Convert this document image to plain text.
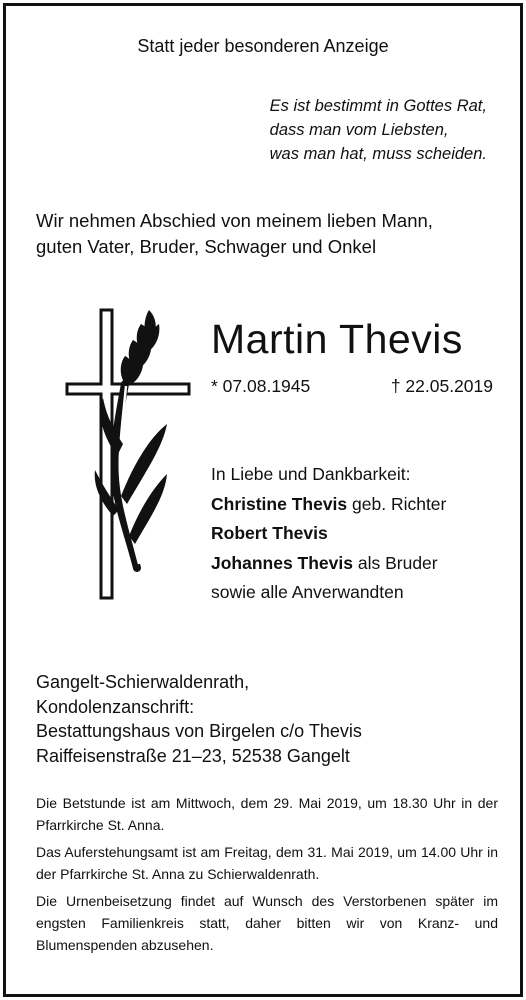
Statt jeder besonderen Anzeige
Es ist bestimmt in Gottes Rat,
dass man vom Liebsten,
was man hat, muss scheiden.
Wir nehmen Abschied von meinem lieben Mann,
guten Vater, Bruder, Schwager und Onkel
Martin Thevis
* 07.08.1945	† 22.05.2019
In Liebe und Dankbarkeit:
Christine Thevis geb. Richter
Robert Thevis
Johannes Thevis als Bruder
sowie alle Anverwandten
Gangelt-Schierwaldenrath,
Kondolenzanschrift:
Bestattungshaus von Birgelen c/o Thevis
Raiffeisenstraße 21–23, 52538 Gangelt

Die Betstunde ist am Mittwoch, dem 29. Mai 2019, um 18.30 Uhr in der Pfarrkirche St. Anna.

Das Auferstehungsamt ist am Freitag, dem 31. Mai 2019, um 14.00 Uhr in der Pfarrkirche St. Anna zu Schierwaldenrath.

Die Urnenbeisetzung findet auf Wunsch des Verstorbenen später im engsten Familienkreis statt, daher bitten wir von Kranz- und Blumenspenden abzusehen.
